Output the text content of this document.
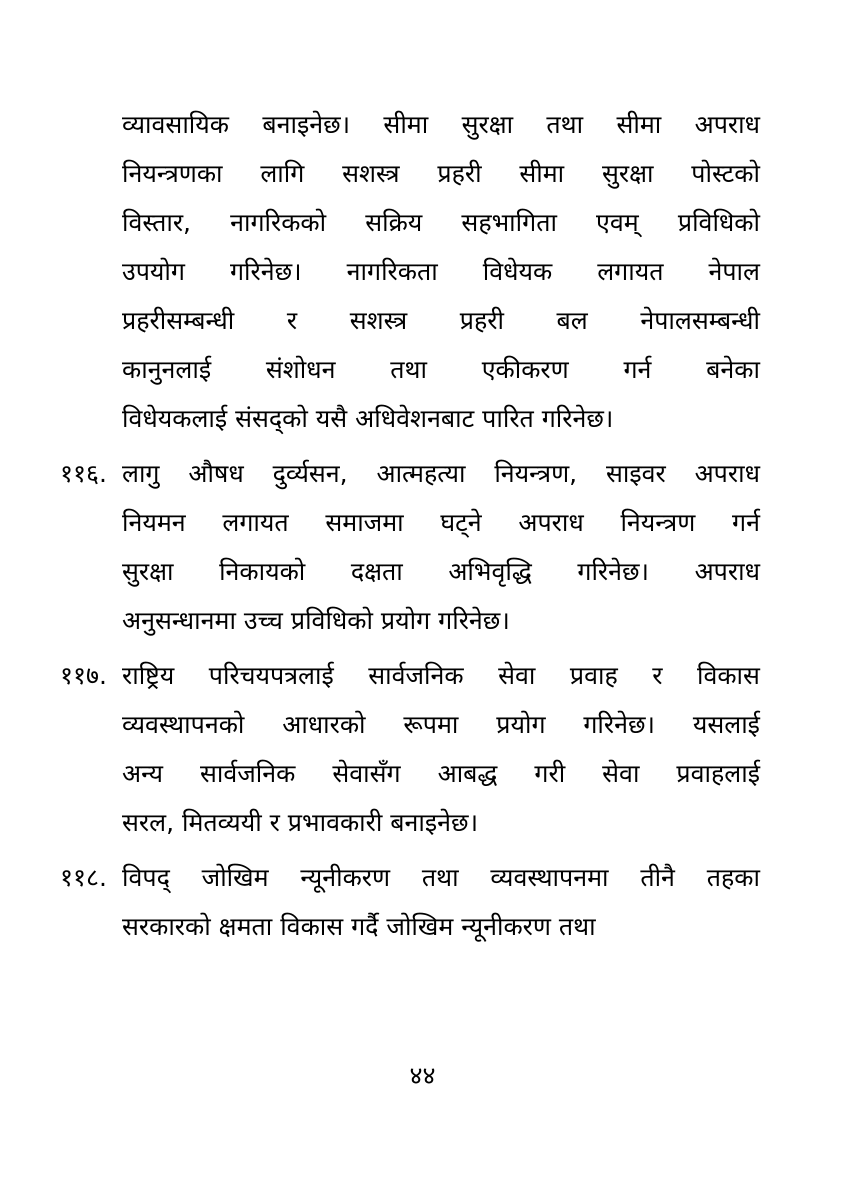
व्यावसायिक बनाइनेछ। सीमा सुरक्षा तथा सीमा अपराध
नियन्त्रणका लागि सशस्त्र प्रहरी सीमा सुरक्षा पोस्टको
विस्तार, नागरिकको सक्रिय सहभागिता एवम् प्रविधिको
उपयोग गरिनेछ। नागरिकता विधेयक लगायत नेपाल
प्रहरीसम्बन्धी र सशस्त्र प्रहरी बल नेपालसम्बन्धी
कानुनलाई संशोधन तथा एकीकरण गर्न बनेका
विधेयकलाई संसद्को यसै अधिवेशनबाट पारित गरिनेछ।
११६. लागु औषध दुर्व्यसन, आत्महत्या नियन्त्रण, साइवर अपराध
नियमन लगायत समाजमा घट्ने अपराध नियन्त्रण गर्न
सुरक्षा निकायको दक्षता अभिवृद्धि गरिनेछ। अपराध
अनुसन्धानमा उच्च प्रविधिको प्रयोग गरिनेछ।
११७. राष्ट्रिय परिचयपत्रलाई सार्वजनिक सेवा प्रवाह र विकास
व्यवस्थापनको आधारको रूपमा प्रयोग गरिनेछ। यसलाई
अन्य सार्वजनिक सेवासँग आबद्ध गरी सेवा प्रवाहलाई
सरल, मितव्ययी र प्रभावकारी बनाइनेछ।
११८. विपद् जोखिम न्यूनीकरण तथा व्यवस्थापनमा तीनै तहका
सरकारको क्षमता विकास गर्दै जोखिम न्यूनीकरण तथा
४४
